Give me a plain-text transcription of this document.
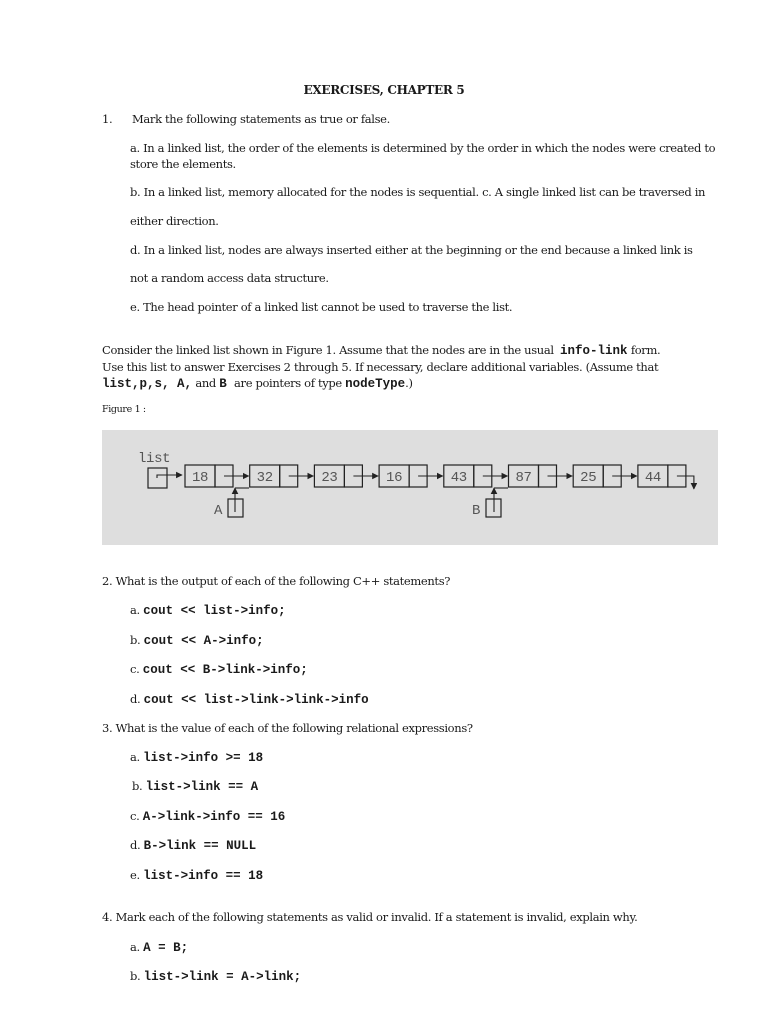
EXERCISES, CHAPTER 5
1. Mark the following statements as true or false.
a. In a linked list, the order of the elements is determined by the order in which the nodes were created to
store the elements.
b. In a linked list, memory allocated for the nodes is sequential. c. A single linked list can be traversed in
either direction.
d. In a linked list, nodes are always inserted either at the beginning or the end because a linked link is
not a random access data structure.
e. The head pointer of a linked list cannot be used to traverse the list.
Consider the linked list shown in Figure 1. Assume that the nodes are in the usual info-link form.
Use this list to answer Exercises 2 through 5. If necessary, declare additional variables. (Assume that
list,p,s, A, and B are pointers of type nodeType.)
Figure 1 :
list
18	32	23	16	43	87	25	44
A	B
2. What is the output of each of the following C++ statements?
a. cout << list->info;
b. cout << A->info;
c. cout << B->link->info;
d. cout << list->link->link->info
3. What is the value of each of the following relational expressions?
a. list->info >= 18
b. list->link == A
c. A->link->info == 16
d. B->link == NULL
e. list->info == 18
4. Mark each of the following statements as valid or invalid. If a statement is invalid, explain why.
a. A = B;
b. list->link = A->link;
